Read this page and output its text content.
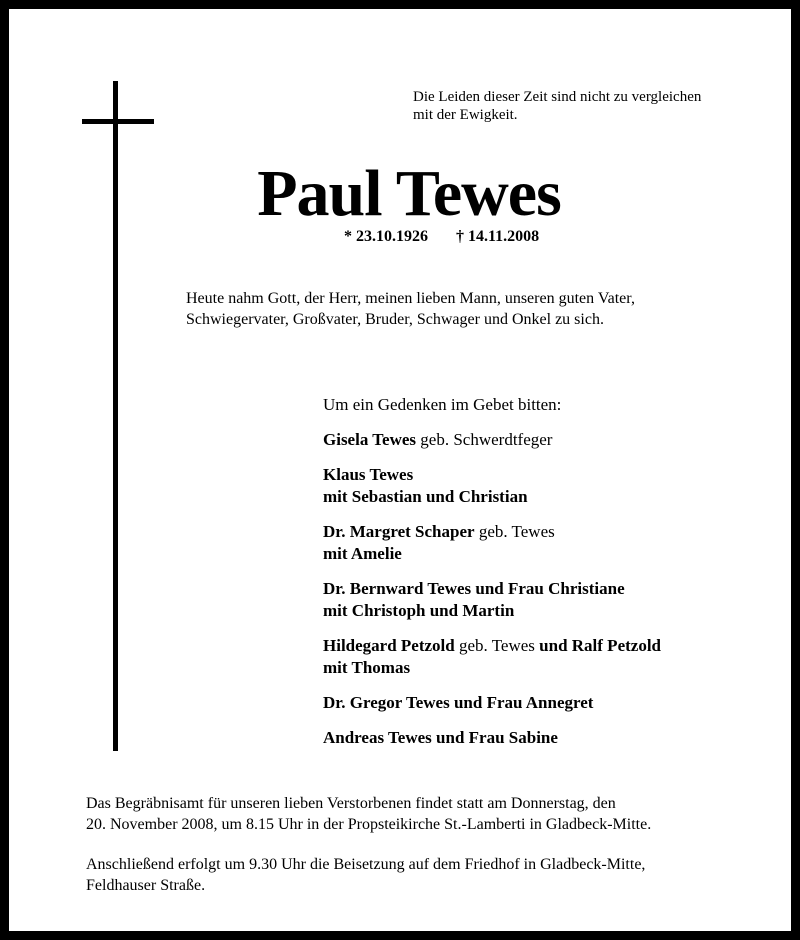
Die Leiden dieser Zeit sind nicht zu vergleichen
mit der Ewigkeit.
Paul Tewes
* 23.10.1926 † 14.11.2008
Heute nahm Gott, der Herr, meinen lieben Mann, unseren guten Vater,
Schwiegervater, Großvater, Bruder, Schwager und Onkel zu sich.
Um ein Gedenken im Gebet bitten:
Gisela Tewes geb. Schwerdtfeger
Klaus Tewes
mit Sebastian und Christian
Dr. Margret Schaper geb. Tewes
mit Amelie
Dr. Bernward Tewes und Frau Christiane
mit Christoph und Martin
Hildegard Petzold geb. Tewes und Ralf Petzold
mit Thomas
Dr. Gregor Tewes und Frau Annegret
Andreas Tewes und Frau Sabine
Das Begräbnisamt für unseren lieben Verstorbenen findet statt am Donnerstag, den
20. November 2008, um 8.15 Uhr in der Propsteikirche St.-Lamberti in Gladbeck-Mitte.
Anschließend erfolgt um 9.30 Uhr die Beisetzung auf dem Friedhof in Gladbeck-Mitte,
Feldhauser Straße.
